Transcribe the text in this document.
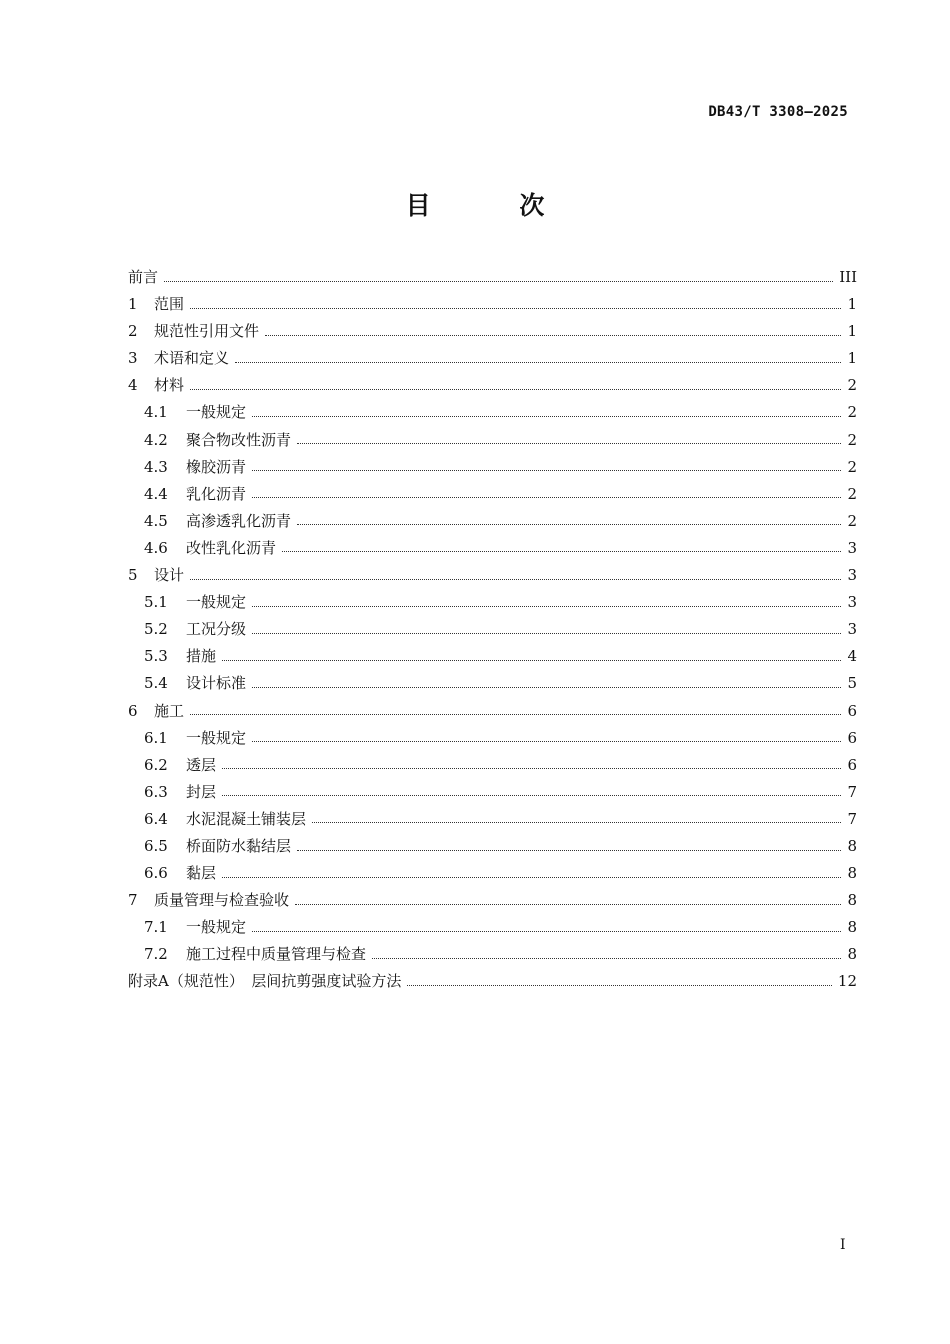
DB43/T 3308—2025
目 次
前言	III
1	范围	1
2	规范性引用文件	1
3	术语和定义	1
4	材料	2
4.1	一般规定	2
4.2	聚合物改性沥青	2
4.3	橡胶沥青	2
4.4	乳化沥青	2
4.5	高渗透乳化沥青	2
4.6	改性乳化沥青	3
5	设计	3
5.1	一般规定	3
5.2	工况分级	3
5.3	措施	4
5.4	设计标准	5
6	施工	6
6.1	一般规定	6
6.2	透层	6
6.3	封层	7
6.4	水泥混凝土铺装层	7
6.5	桥面防水黏结层	8
6.6	黏层	8
7	质量管理与检查验收	8
7.1	一般规定	8
7.2	施工过程中质量管理与检查	8
附录A（规范性）　层间抗剪强度试验方法	12
I
